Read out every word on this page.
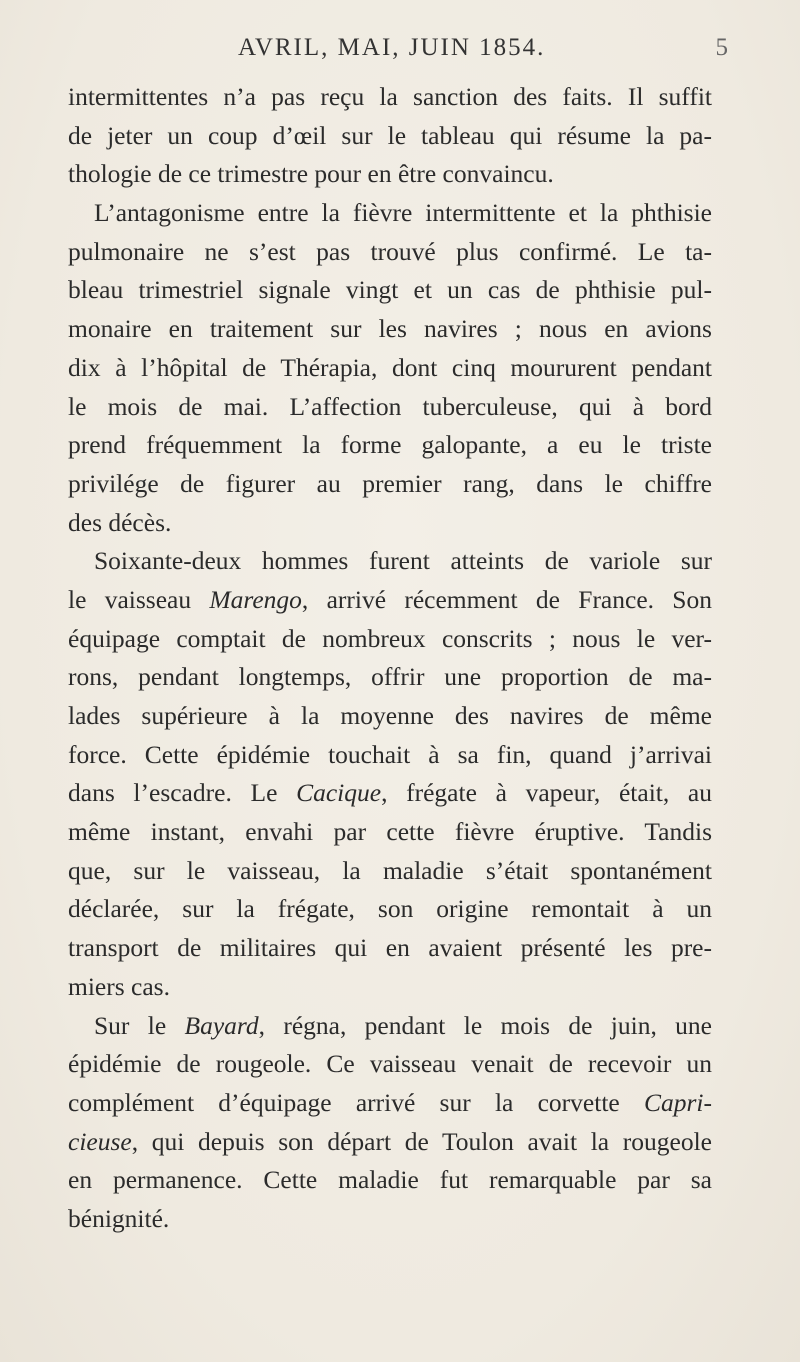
AVRIL, MAI, JUIN 1854.	5
intermittentes n’a pas reçu la sanction des faits. Il suffit
de jeter un coup d’œil sur le tableau qui résume la pa-
thologie de ce trimestre pour en être convaincu.
L’antagonisme entre la fièvre intermittente et la phthisie
pulmonaire ne s’est pas trouvé plus confirmé. Le ta-
bleau trimestriel signale vingt et un cas de phthisie pul-
monaire en traitement sur les navires ; nous en avions
dix à l’hôpital de Thérapia, dont cinq moururent pendant
le mois de mai. L’affection tuberculeuse, qui à bord
prend fréquemment la forme galopante, a eu le triste
privilége de figurer au premier rang, dans le chiffre
des décès.
Soixante-deux hommes furent atteints de variole sur
le vaisseau Marengo, arrivé récemment de France. Son
équipage comptait de nombreux conscrits ; nous le ver-
rons, pendant longtemps, offrir une proportion de ma-
lades supérieure à la moyenne des navires de même
force. Cette épidémie touchait à sa fin, quand j’arrivai
dans l’escadre. Le Cacique, frégate à vapeur, était, au
même instant, envahi par cette fièvre éruptive. Tandis
que, sur le vaisseau, la maladie s’était spontanément
déclarée, sur la frégate, son origine remontait à un
transport de militaires qui en avaient présenté les pre-
miers cas.
Sur le Bayard, régna, pendant le mois de juin, une
épidémie de rougeole. Ce vaisseau venait de recevoir un
complément d’équipage arrivé sur la corvette Capri-
cieuse, qui depuis son départ de Toulon avait la rougeole
en permanence. Cette maladie fut remarquable par sa
bénignité.
